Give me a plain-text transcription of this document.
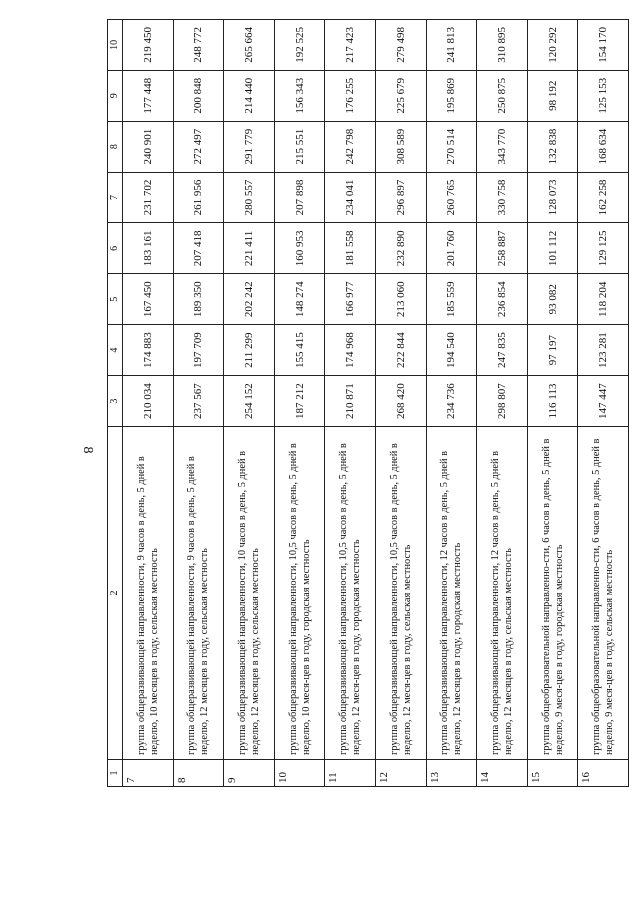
8
1	2	3	4	5	6	7	8	9	10
7	группа общеразвивающей направленности, 9 часов в день, 5 дней в неделю, 10 месяцев в году, сельская местность	210 034	174 883	167 450	183 161	231 702	240 901	177 448	219 450
8	группа общеразвивающей направленности, 9 часов в день, 5 дней в неделю, 12 месяцев в году, сельская местность	237 567	197 709	189 350	207 418	261 956	272 497	200 848	248 772
9	группа общеразвивающей направленности, 10 часов в день, 5 дней в неделю, 12 месяцев в году, сельская местность	254 152	211 299	202 242	221 411	280 557	291 779	214 440	265 664
10	группа общеразвивающей направленности, 10,5 часов в день, 5 дней в неделю, 10 меся-цев в году, городская местность	187 212	155 415	148 274	160 953	207 898	215 551	156 343	192 525
11	группа общеразвивающей направленности, 10,5 часов в день, 5 дней в неделю, 12 меся-цев в году, городская местность	210 871	174 968	166 977	181 558	234 041	242 798	176 255	217 423
12	группа общеразвивающей направленности, 10,5 часов в день, 5 дней в неделю, 12 меся-цев в году, сельская местность	268 420	222 844	213 060	232 890	296 897	308 589	225 679	279 498
13	группа общеразвивающей направленности, 12 часов в день, 5 дней в неделю, 12 месяцев в году, городская местность	234 736	194 540	185 559	201 760	260 765	270 514	195 869	241 813
14	группа общеразвивающей направленности, 12 часов в день, 5 дней в неделю, 12 месяцев в году, сельская местность	298 807	247 835	236 854	258 887	330 758	343 770	250 875	310 895
15	группа общеобразовательной направленно-сти, 6 часов в день, 5 дней в неделю, 9 меся-цев в году, городская местность	116 113	97 197	93 082	101 112	128 073	132 838	98 192	120 292
16	группа общеобразовательной направленно-сти, 6 часов в день, 5 дней в неделю, 9 меся-цев в году, сельская местность	147 447	123 281	118 204	129 125	162 258	168 634	125 153	154 170
